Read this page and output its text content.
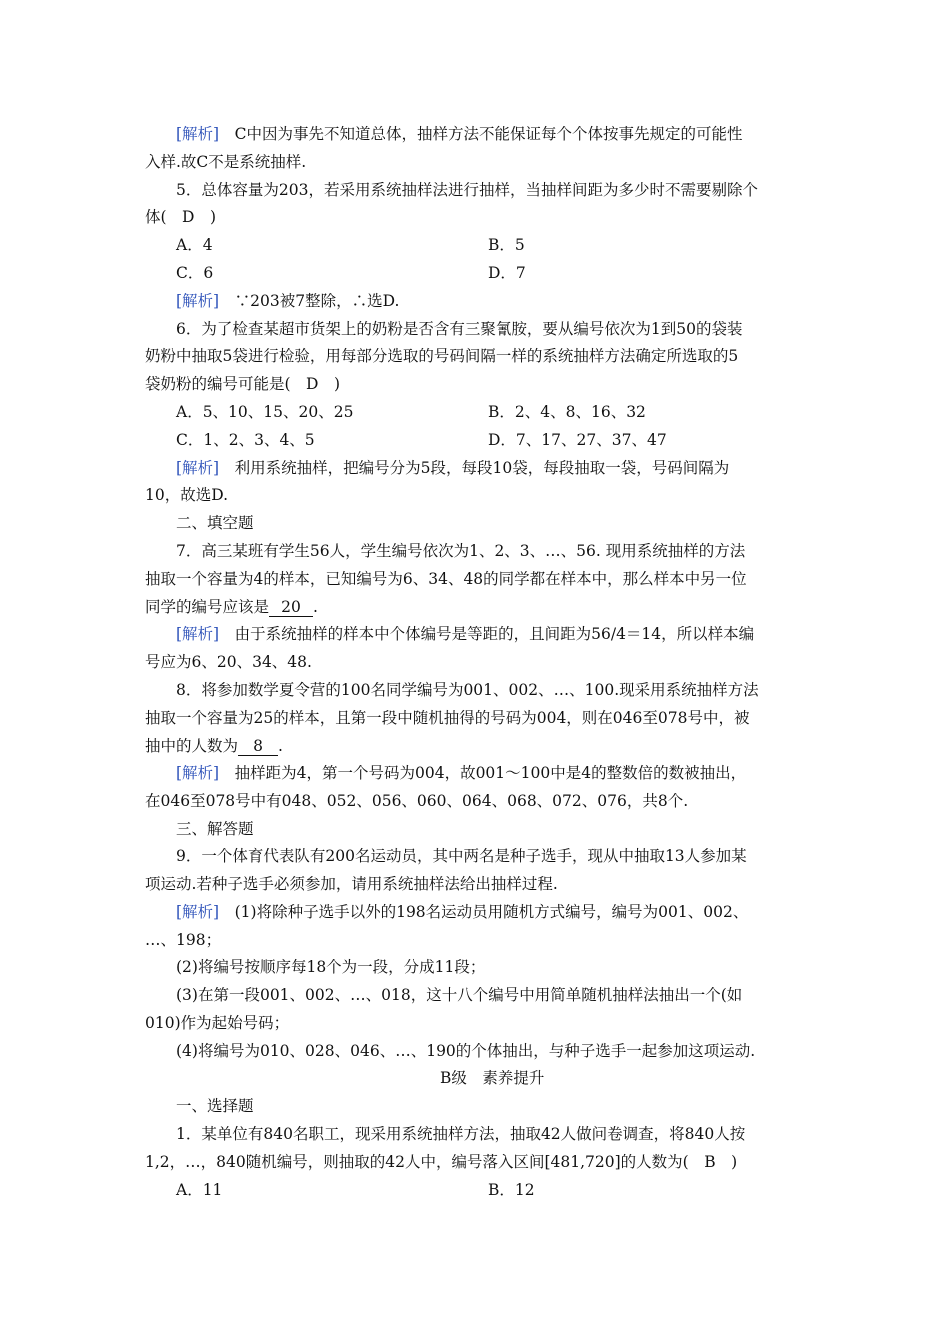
[解析]　 C中因为事先不知道总体，抽样方法不能保证每个个体按事先规定的可能性
入样.故C不是系统抽样.
5．总体容量为203，若采用系统抽样法进行抽样，当抽样间距为多少时不需要剔除个
体(　D　)
A．4	B．5
C．6	D．7
[解析]　 ∵203被7整除，∴选D.
6．为了检查某超市货架上的奶粉是否含有三聚氰胺，要从编号依次为1到50的袋装
奶粉中抽取5袋进行检验，用每部分选取的号码间隔一样的系统抽样方法确定所选取的5
袋奶粉的编号可能是(　D　)
A．5、10、15、20、25	B．2、4、8、16、32
C．1、2、3、4、5	D．7、17、27、37、47
[解析]　 利用系统抽样，把编号分为5段，每段10袋，每段抽取一袋，号码间隔为
10，故选D.
二、填空题
7．高三某班有学生56人，学生编号依次为1、2、3、…、56. 现用系统抽样的方法
抽取一个容量为4的样本，已知编号为6、34、48的同学都在样本中，那么样本中另一位
同学的编号应该是 20 .
[解析]　 由于系统抽样的样本中个体编号是等距的，且间距为56/4＝14，所以样本编
号应为6、20、34、48.
8．将参加数学夏令营的100名同学编号为001、002、…、100.现采用系统抽样方法
抽取一个容量为25的样本，且第一段中随机抽得的号码为004，则在046至078号中，被
抽中的人数为 8 .
[解析]　 抽样距为4，第一个号码为004，故001～100中是4的整数倍的数被抽出，
在046至078号中有048、052、056、060、064、068、072、076，共8个.
三、解答题
9．一个体育代表队有200名运动员，其中两名是种子选手，现从中抽取13人参加某
项运动.若种子选手必须参加，请用系统抽样法给出抽样过程.
[解析]　 (1)将除种子选手以外的198名运动员用随机方式编号，编号为001、002、
…、198；
(2)将编号按顺序每18个为一段，分成11段；
(3)在第一段001、002、…、018，这十八个编号中用简单随机抽样法抽出一个(如
010)作为起始号码；
(4)将编号为010、028、046、…、190的个体抽出，与种子选手一起参加这项运动.
B级　素养提升
一、选择题
1．某单位有840名职工，现采用系统抽样方法，抽取42人做问卷调查，将840人按
1,2，…，840随机编号，则抽取的42人中，编号落入区间[481,720]的人数为(　B　)
A．11	B．12
